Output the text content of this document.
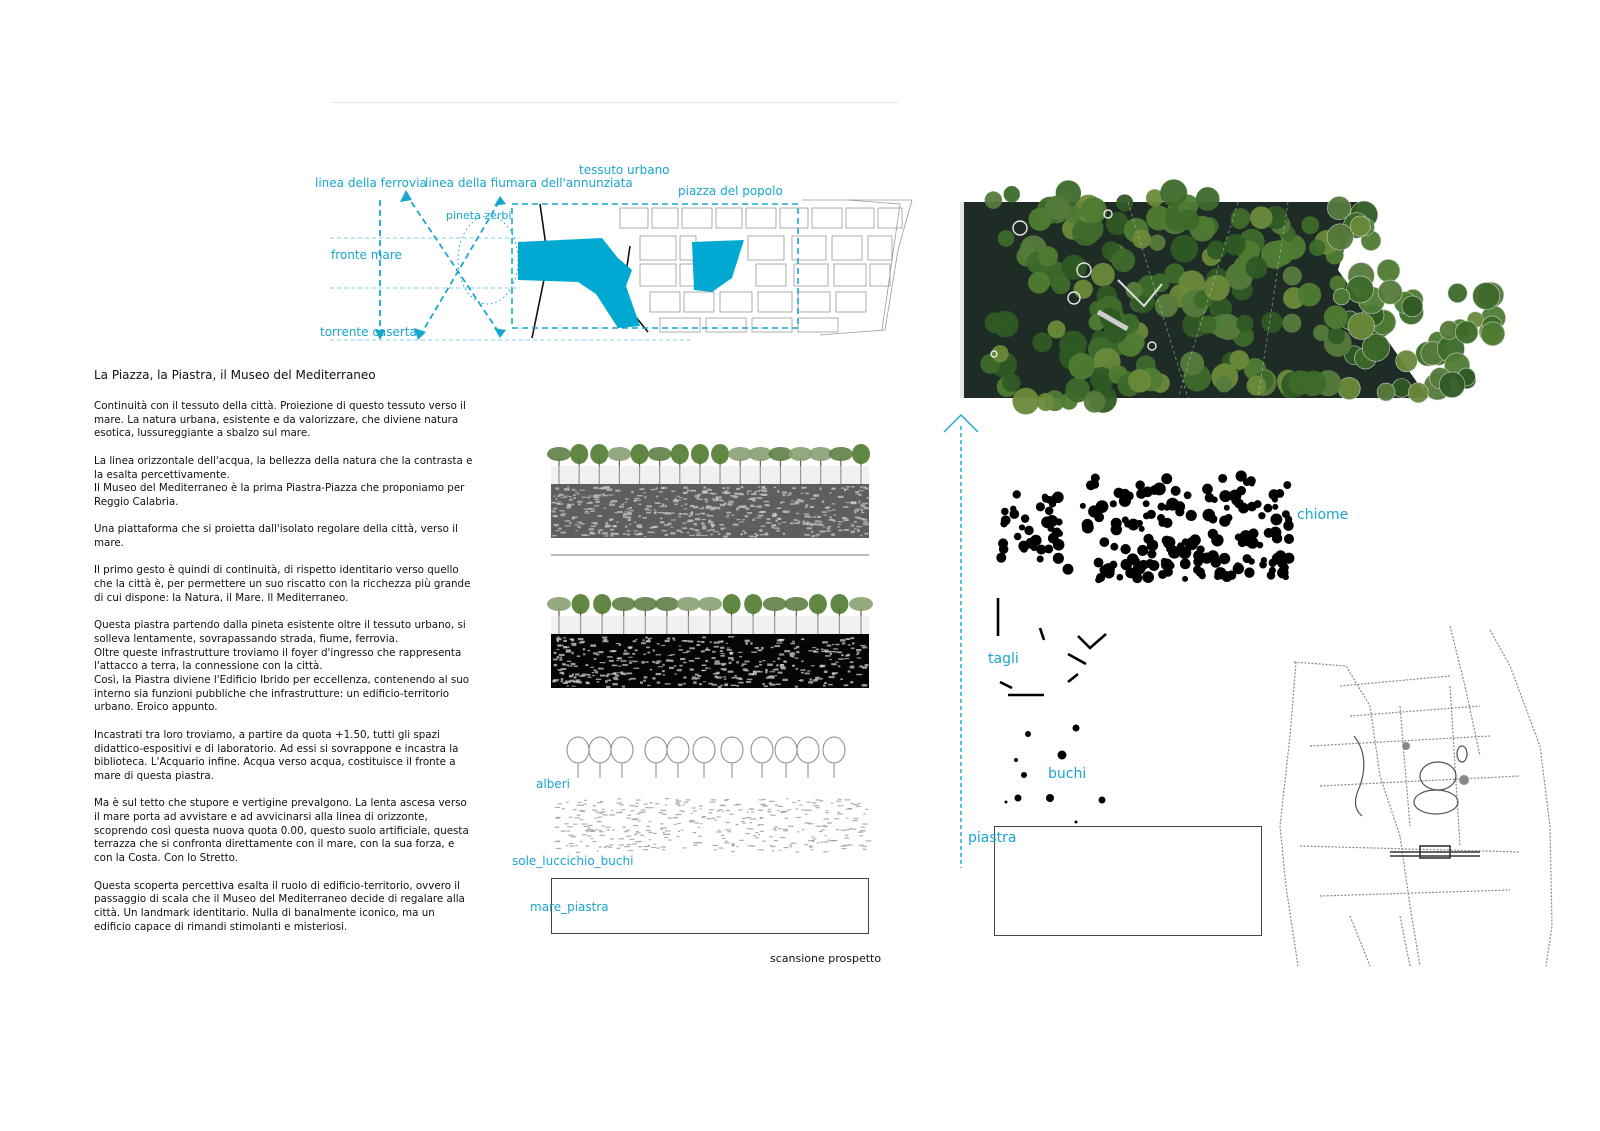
linea della ferrovia
linea della fiumara dell'annunziata
tessuto urbano
piazza del popolo
pineta zerbi
fronte mare
torrente caserta
La Piazza, la Piastra, il Museo del Mediterraneo

Continuità con il tessuto della città. Proiezione di questo tessuto verso il mare. La natura urbana, esistente e da valorizzare, che diviene natura esotica, lussureggiante a sbalzo sul mare.

La linea orizzontale dell'acqua, la bellezza della natura che la contrasta e la esalta percettivamente.
Il Museo del Mediterraneo è la prima Piastra-Piazza che proponiamo per Reggio Calabria.

Una piattaforma che si proietta dall'isolato regolare della città, verso il mare.

Il primo gesto è quindi di continuità, di rispetto identitario verso quello che la città è, per permettere un suo riscatto con la ricchezza più grande di cui dispone: la Natura, il Mare. Il Mediterraneo.

Questa piastra partendo dalla pineta esistente oltre il tessuto urbano, si solleva lentamente, sovrapassando strada, fiume, ferrovia.
Oltre queste infrastrutture troviamo il foyer d'ingresso che rappresenta l'attacco a terra, la connessione con la città.
Così, la Piastra diviene l'Edificio Ibrido per eccellenza, contenendo al suo interno sia funzioni pubbliche che infrastrutture: un edificio-territorio urbano. Eroico appunto.

Incastrati tra loro troviamo, a partire da quota +1.50, tutti gli spazi didattico-espositivi e di laboratorio. Ad essi si sovrappone e incastra la biblioteca. L'Acquario infine. Acqua verso acqua, costituisce il fronte a mare di questa piastra.

Ma è sul tetto che stupore e vertigine prevalgono. La lenta ascesa verso il mare porta ad avvistare e ad avvicinarsi alla linea di orizzonte, scoprendo così questa nuova quota 0.00, questo suolo artificiale, questa terrazza che si confronta direttamente con il mare, con la sua forza, e con la Costa. Con lo Stretto.

Questa scoperta percettiva esalta il ruolo di edificio-territorio, ovvero il passaggio di scala che il Museo del Mediterraneo decide di regalare alla città. Un landmark identitario. Nulla di banalmente iconico, ma un edificio capace di rimandi stimolanti e misteriosi.

alberi
sole_luccichio_buchi
mare_piastra
scansione prospetto
chiome
tagli
buchi
piastra
